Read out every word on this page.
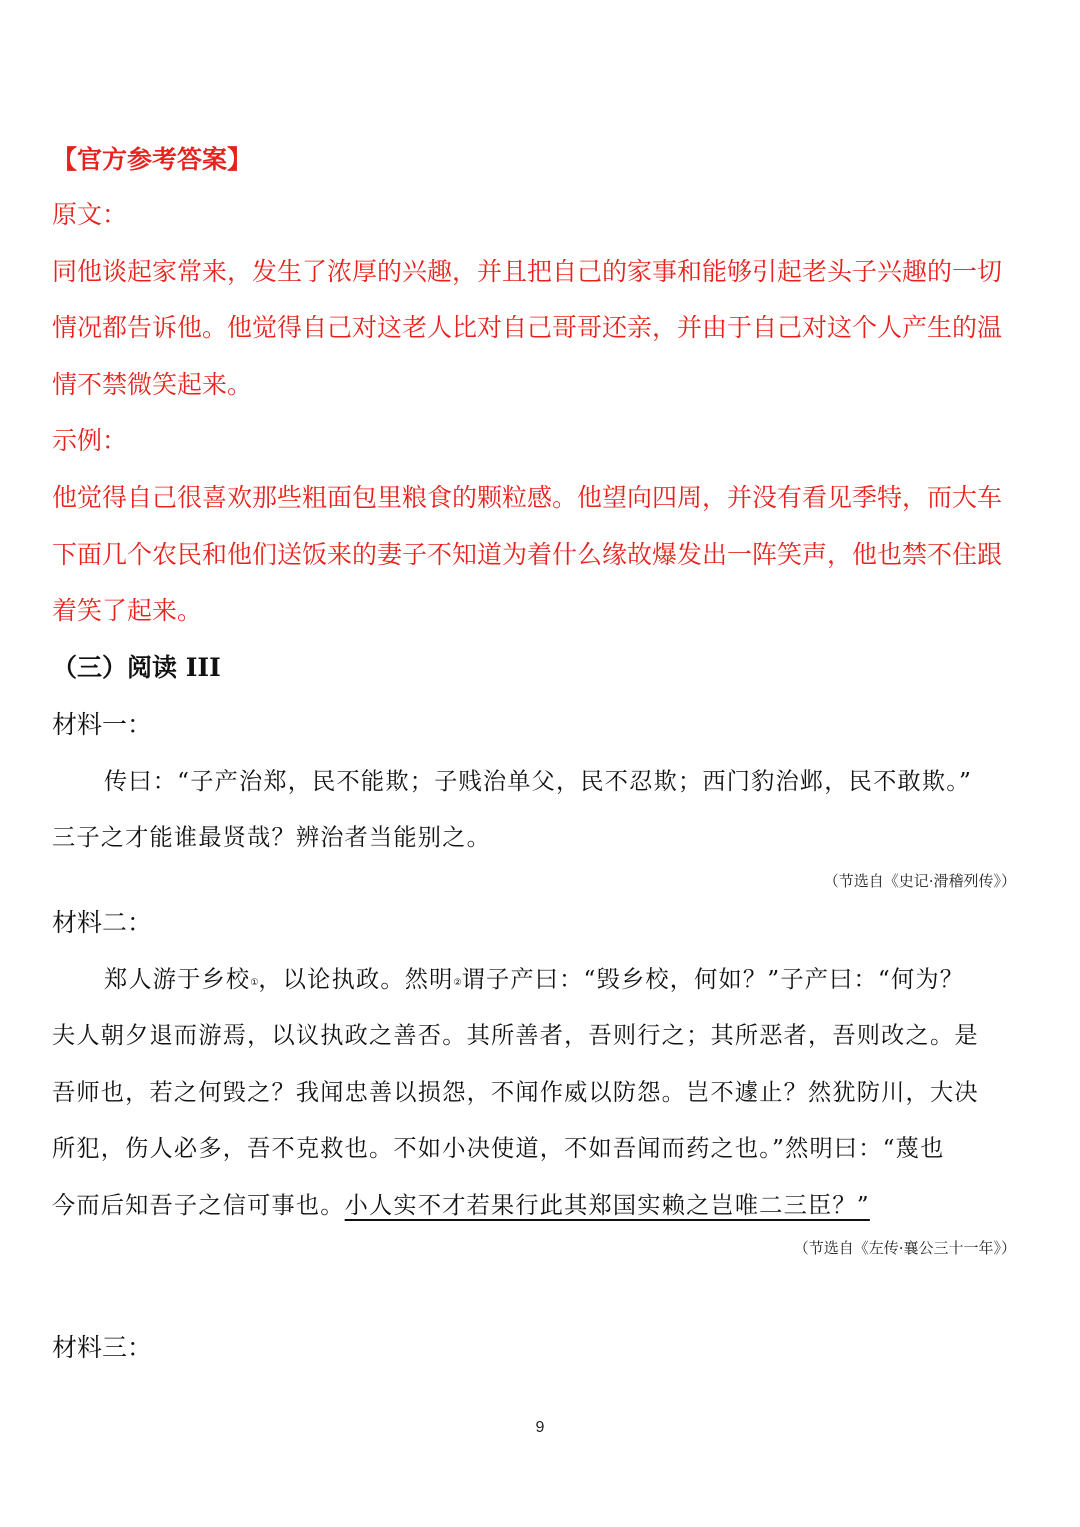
【官方参考答案】
原文：
同他谈起家常来，发生了浓厚的兴趣，并且把自己的家事和能够引起老头子兴趣的一切
情况都告诉他。他觉得自己对这老人比对自己哥哥还亲，并由于自己对这个人产生的温
情不禁微笑起来。
示例：
他觉得自己很喜欢那些粗面包里粮食的颗粒感。他望向四周，并没有看见季特，而大车
下面几个农民和他们送饭来的妻子不知道为着什么缘故爆发出一阵笑声，他也禁不住跟
着笑了起来。
（三）阅读 III
材料一：
传曰：“子产治郑，民不能欺；子贱治单父，民不忍欺；西门豹治邺，民不敢欺。”
三子之才能谁最贤哉？辨治者当能别之。
（节选自《史记·滑稽列传》）
材料二：
郑人游于乡校①，以论执政。然明②谓子产曰：“毁乡校，何如？”子产曰：“何为？
夫人朝夕退而游焉，以议执政之善否。其所善者，吾则行之；其所恶者，吾则改之。是
吾师也，若之何毁之？我闻忠善以损怨，不闻作威以防怨。岂不遽止？然犹防川，大决
所犯，伤人必多，吾不克救也。不如小决使道，不如吾闻而药之也。”然明曰：“蔑也
今而后知吾子之信可事也。小人实不才若果行此其郑国实赖之岂唯二三臣？”
（节选自《左传·襄公三十一年》）
材料三：
9
